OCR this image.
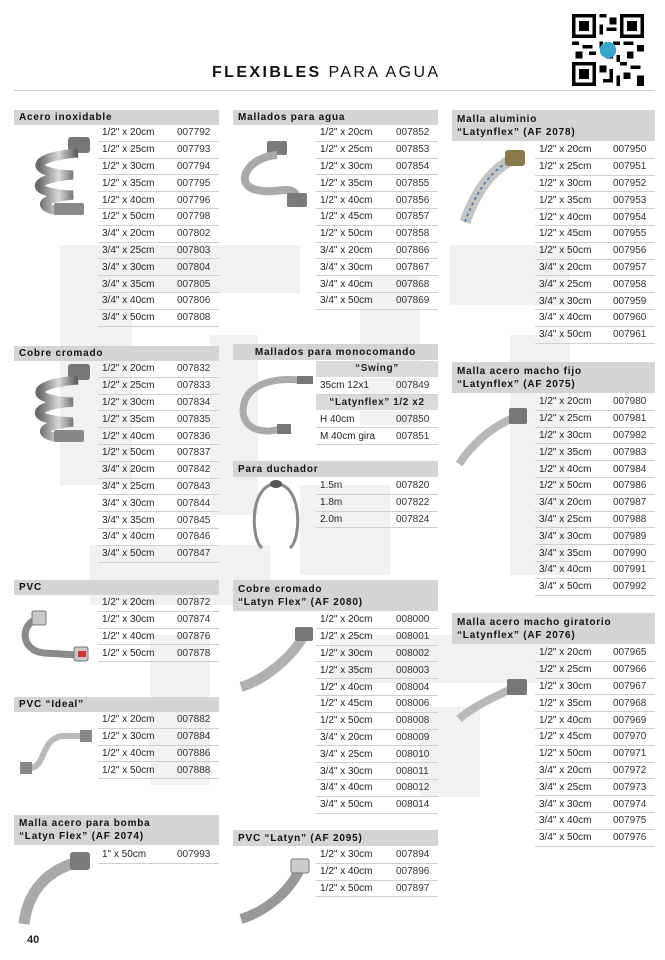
FLEXIBLES PARA AGUA
Acero inoxidable
1/2" x 20cm	007792
1/2" x 25cm	007793
1/2" x 30cm	007794
1/2" x 35cm	007795
1/2" x 40cm	007796
1/2" x 50cm	007798
3/4" x 20cm	007802
3/4" x 25cm	007803
3/4" x 30cm	007804
3/4" x 35cm	007805
3/4" x 40cm	007806
3/4" x 50cm	007808
Cobre cromado
1/2" x 20cm	007832
1/2" x 25cm	007833
1/2" x 30cm	007834
1/2" x 35cm	007835
1/2" x 40cm	007836
1/2" x 50cm	007837
3/4" x 20cm	007842
3/4" x 25cm	007843
3/4" x 30cm	007844
3/4" x 35cm	007845
3/4" x 40cm	007846
3/4" x 50cm	007847
PVC
1/2" x 20cm	007872
1/2" x 30cm	007874
1/2" x 40cm	007876
1/2" x 50cm	007878
PVC “Ideal”
1/2" x 20cm	007882
1/2" x 30cm	007884
1/2" x 40cm	007886
1/2" x 50cm	007888
Malla acero para bomba
“Latyn Flex” (AF 2074)
1" x 50cm	007993
Mallados para agua
1/2" x 20cm	007852
1/2" x 25cm	007853
1/2" x 30cm	007854
1/2" x 35cm	007855
1/2" x 40cm	007856
1/2" x 45cm	007857
1/2" x 50cm	007858
3/4" x 20cm	007866
3/4" x 30cm	007867
3/4" x 40cm	007868
3/4" x 50cm	007869
Mallados para monocomando
“Swing”
35cm 12x1	007849
“Latynflex” 1/2 x2
H 40cm	007850
M 40cm gira	007851
Para duchador
1.5m	007820
1.8m	007822
2.0m	007824
Cobre cromado
“Latyn Flex” (AF 2080)
1/2" x 20cm	008000
1/2" x 25cm	008001
1/2" x 30cm	008002
1/2" x 35cm	008003
1/2" x 40cm	008004
1/2" x 45cm	008006
1/2" x 50cm	008008
3/4" x 20cm	008009
3/4" x 25cm	008010
3/4" x 30cm	008011
3/4" x 40cm	008012
3/4" x 50cm	008014
PVC “Latyn” (AF 2095)
1/2" x 30cm	007894
1/2" x 40cm	007896
1/2" x 50cm	007897
Malla aluminio
“Latynflex” (AF 2078)
1/2" x 20cm	007950
1/2" x 25cm	007951
1/2" x 30cm	007952
1/2" x 35cm	007953
1/2" x 40cm	007954
1/2" x 45cm	007955
1/2" x 50cm	007956
3/4" x 20cm	007957
3/4" x 25cm	007958
3/4" x 30cm	007959
3/4" x 40cm	007960
3/4" x 50cm	007961
Malla acero macho fijo
“Latynflex” (AF 2075)
1/2" x 20cm	007980
1/2" x 25cm	007981
1/2" x 30cm	007982
1/2" x 35cm	007983
1/2" x 40cm	007984
1/2" x 50cm	007986
3/4" x 20cm	007987
3/4" x 25cm	007988
3/4" x 30cm	007989
3/4" x 35cm	007990
3/4" x 40cm	007991
3/4" x 50cm	007992
Malla acero macho giratorio
“Latynflex” (AF 2076)
1/2" x 20cm	007965
1/2" x 25cm	007966
1/2" x 30cm	007967
1/2" x 35cm	007968
1/2" x 40cm	007969
1/2" x 45cm	007970
1/2" x 50cm	007971
3/4" x 20cm	007972
3/4" x 25cm	007973
3/4" x 30cm	007974
3/4" x 40cm	007975
3/4" x 50cm	007976
40
